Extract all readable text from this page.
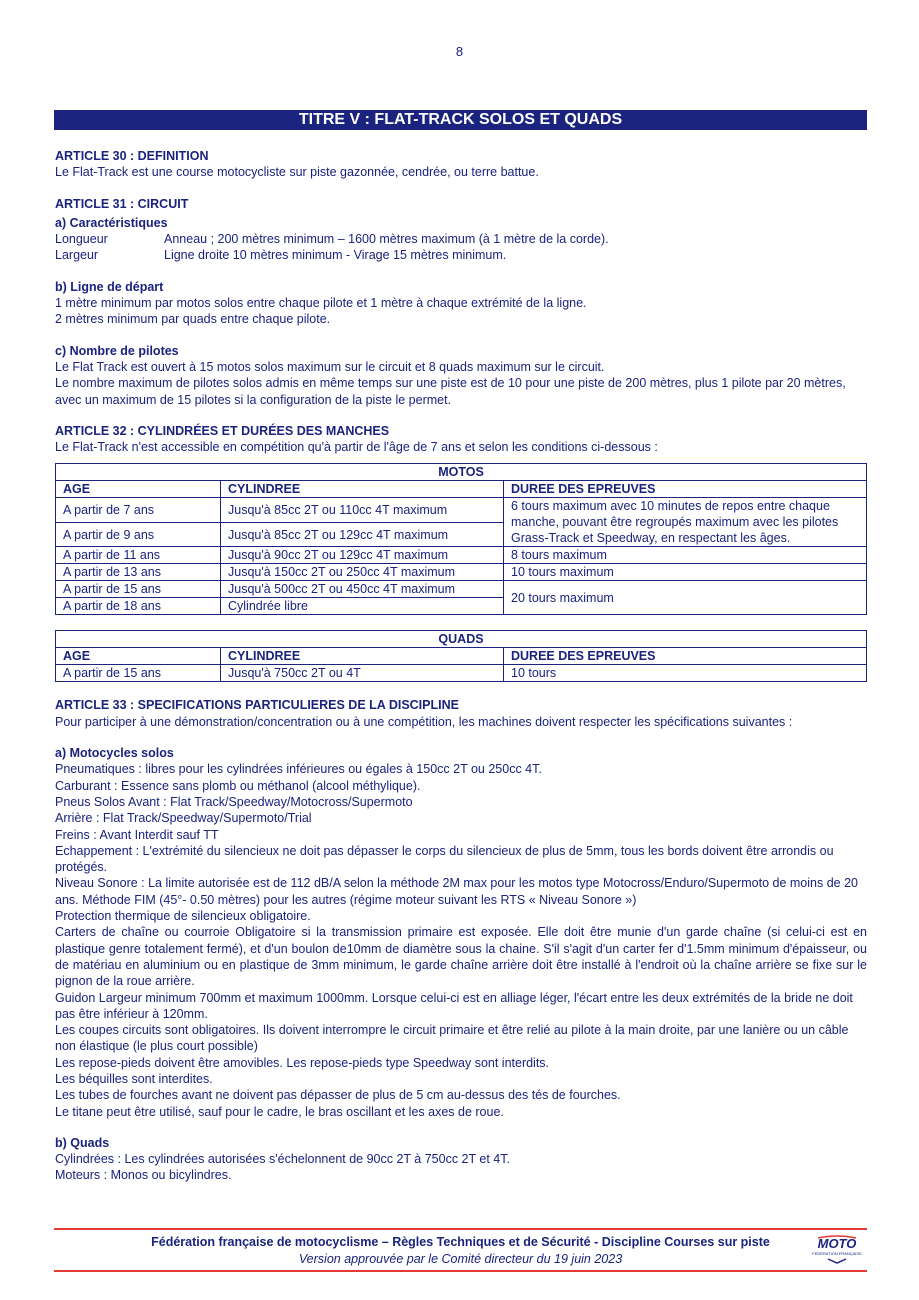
8
TITRE V : FLAT-TRACK SOLOS ET QUADS

ARTICLE 30 : DEFINITION

Le Flat-Track est une course motocycliste sur piste gazonnée, cendrée, ou terre battue.

ARTICLE 31 : CIRCUIT

a) Caractéristiques

Longueur	Anneau ; 200 mètres minimum – 1600 mètres maximum (à 1 mètre de la corde).
Largeur	Ligne droite 10 mètres minimum - Virage 15 mètres minimum.

b) Ligne de départ

1 mètre minimum par motos solos entre chaque pilote et 1 mètre à chaque extrémité de la ligne.

2 mètres minimum par quads entre chaque pilote.

c) Nombre de pilotes

Le Flat Track est ouvert à 15 motos solos maximum sur le circuit et 8 quads maximum sur le circuit.

Le nombre maximum de pilotes solos admis en même temps sur une piste est de 10 pour une piste de 200 mètres, plus 1 pilote par 20 mètres, avec un maximum de 15 pilotes si la configuration de la piste le permet.

ARTICLE 32 : CYLINDRÉES ET DURÉES DES MANCHES

Le Flat-Track n'est accessible en compétition qu'à partir de l'âge de 7 ans et selon les conditions ci-dessous :

MOTOS		
AGE	CYLINDREE	DUREE DES EPREUVES
A partir de 7 ans	Jusqu'à 85cc 2T ou 110cc 4T maximum	6 tours maximum avec 10 minutes de repos entre chaque manche, pouvant être regroupés maximum avec les pilotes Grass-Track et Speedway, en respectant les âges.
A partir de 9 ans	Jusqu'à 85cc 2T ou 129cc 4T maximum	
A partir de 11 ans	Jusqu'à 90cc 2T ou 129cc 4T maximum	8 tours maximum
A partir de 13 ans	Jusqu'à 150cc 2T ou 250cc 4T maximum	10 tours maximum
A partir de 15 ans	Jusqu'à 500cc 2T ou 450cc 4T maximum	20 tours maximum
A partir de 18 ans	Cylindrée libre	
QUADS		
AGE	CYLINDREE	DUREE DES EPREUVES
A partir de 15 ans	Jusqu'à 750cc 2T ou 4T	10 tours

ARTICLE 33 : SPECIFICATIONS PARTICULIERES DE LA DISCIPLINE

Pour participer à une démonstration/concentration ou à une compétition, les machines doivent respecter les spécifications suivantes :

a) Motocycles solos

Pneumatiques : libres pour les cylindrées inférieures ou égales à 150cc 2T ou 250cc 4T.

Carburant : Essence sans plomb ou méthanol (alcool méthylique).

Pneus Solos Avant : Flat Track/Speedway/Motocross/Supermoto

Arrière : Flat Track/Speedway/Supermoto/Trial

Freins : Avant Interdit sauf TT

Echappement : L'extrémité du silencieux ne doit pas dépasser le corps du silencieux de plus de 5mm, tous les bords doivent être arrondis ou protégés.

Niveau Sonore : La limite autorisée est de 112 dB/A selon la méthode 2M max pour les motos type Motocross/Enduro/Supermoto de moins de 20 ans. Méthode FIM (45°- 0.50 mètres) pour les autres (régime moteur suivant les RTS « Niveau Sonore »)

Protection thermique de silencieux obligatoire.

Carters de chaîne ou courroie Obligatoire si la transmission primaire est exposée. Elle doit être munie d'un garde chaîne (si celui-ci est en plastique genre totalement fermé), et d'un boulon de10mm de diamètre sous la chaine. S'il s'agit d'un carter fer d'1.5mm minimum d'épaisseur, ou de matériau en aluminium ou en plastique de 3mm minimum, le garde chaîne arrière doit être installé à l'endroit où la chaîne arrière se fixe sur le pignon de la roue arrière.

Guidon Largeur minimum 700mm et maximum 1000mm. Lorsque celui-ci est en alliage léger, l'écart entre les deux extrémités de la bride ne doit pas être inférieur à 120mm.

Les coupes circuits sont obligatoires. Ils doivent interrompre le circuit primaire et être relié au pilote à la main droite, par une lanière ou un câble non élastique (le plus court possible)

Les repose-pieds doivent être amovibles. Les repose-pieds type Speedway sont interdits.

Les béquilles sont interdites.

Les tubes de fourches avant ne doivent pas dépasser de plus de 5 cm au-dessus des tés de fourches.

Le titane peut être utilisé, sauf pour le cadre, le bras oscillant et les axes de roue.

b) Quads

Cylindrées : Les cylindrées autorisées s'échelonnent de 90cc 2T à 750cc 2T et 4T.

Moteurs : Monos ou bicylindres.

Fédération française de motocyclisme – Règles Techniques et de Sécurité - Discipline Courses sur piste
Version approuvée par le Comité directeur du 19 juin 2023
MOTO
FÉDÉRATION FRANÇAISE
